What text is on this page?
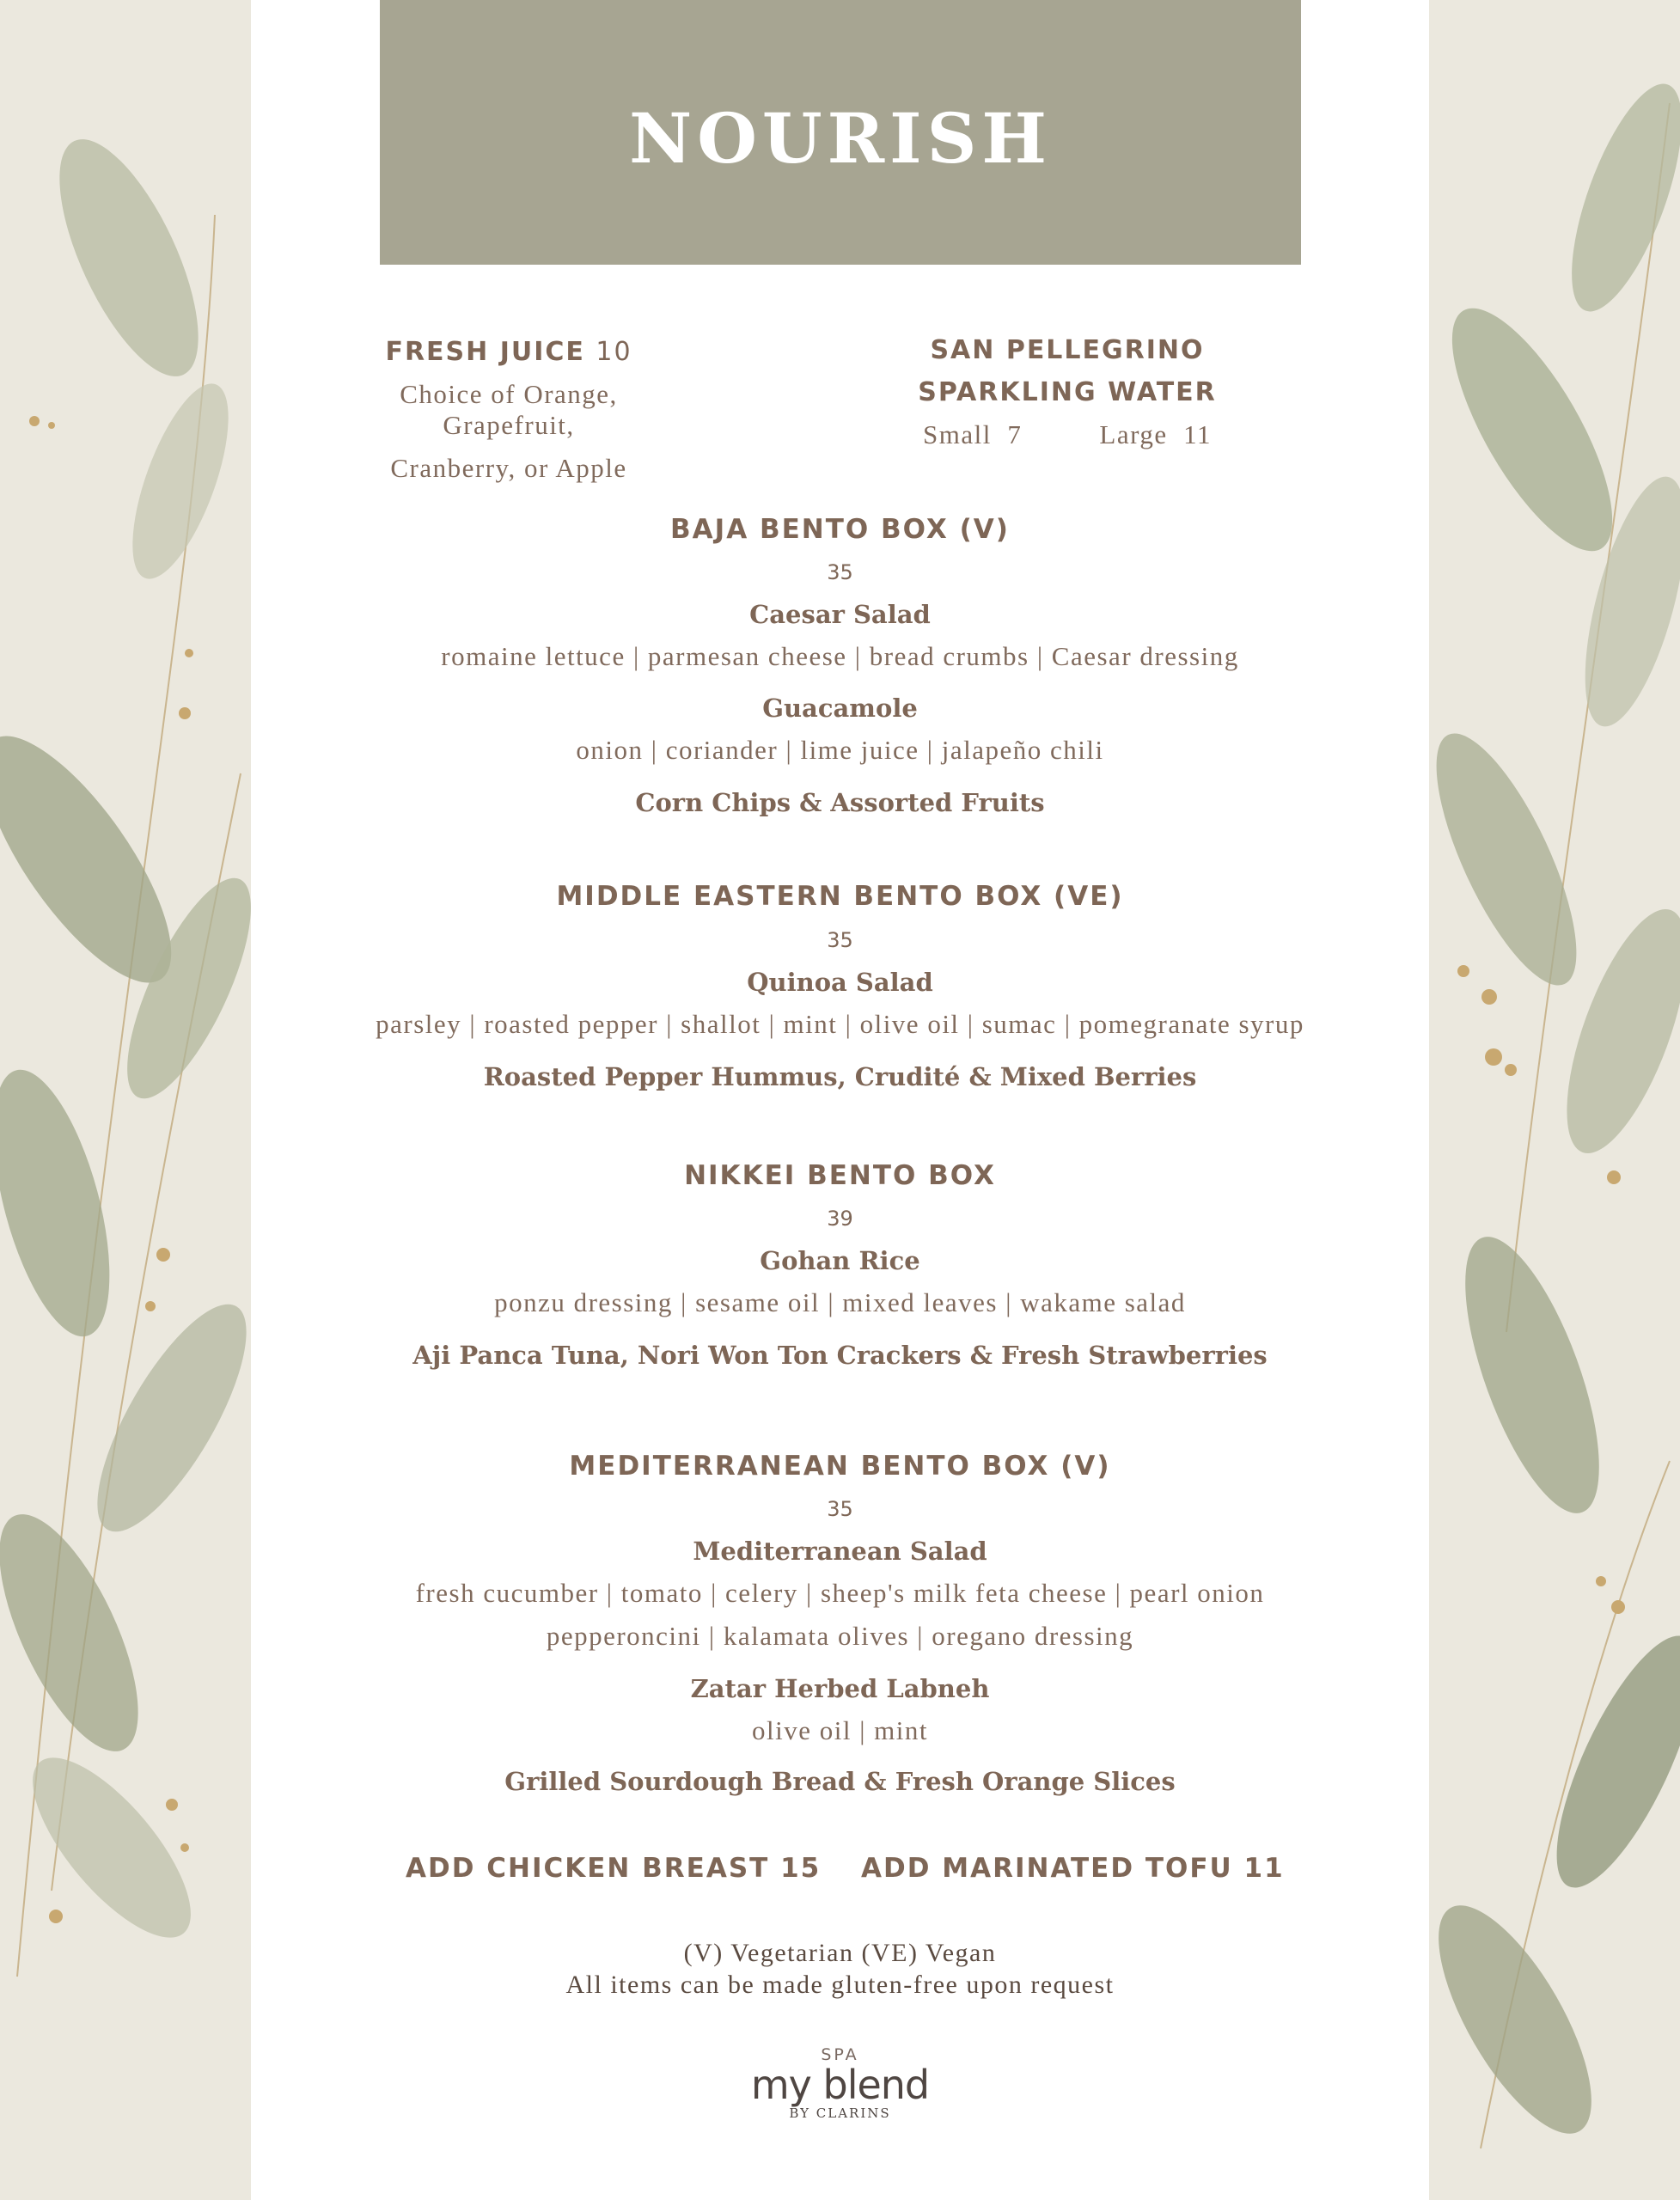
NOURISH
FRESH JUICE 10
Choice of Orange, Grapefruit,
Cranberry, or Apple
SAN PELLEGRINO
SPARKLING WATER
Small 7	Large 11
BAJA BENTO BOX (V)
35
Caesar Salad
romaine lettuce | parmesan cheese | bread crumbs | Caesar dressing
Guacamole
onion | coriander | lime juice | jalapeño chili
Corn Chips & Assorted Fruits
MIDDLE EASTERN BENTO BOX (VE)
35
Quinoa Salad
parsley | roasted pepper | shallot | mint | olive oil | sumac | pomegranate syrup
Roasted Pepper Hummus, Crudité & Mixed Berries
NIKKEI BENTO BOX
39
Gohan Rice
ponzu dressing | sesame oil | mixed leaves | wakame salad
Aji Panca Tuna, Nori Won Ton Crackers & Fresh Strawberries
MEDITERRANEAN BENTO BOX (V)
35
Mediterranean Salad
fresh cucumber | tomato | celery | sheep's milk feta cheese | pearl onion
pepperoncini | kalamata olives | oregano dressing
Zatar Herbed Labneh
olive oil | mint
Grilled Sourdough Bread & Fresh Orange Slices
ADD CHICKEN BREAST 15	ADD MARINATED TOFU 11
(V) Vegetarian (VE) Vegan
All items can be made gluten-free upon request
SPA
my blend
BY CLARINS
